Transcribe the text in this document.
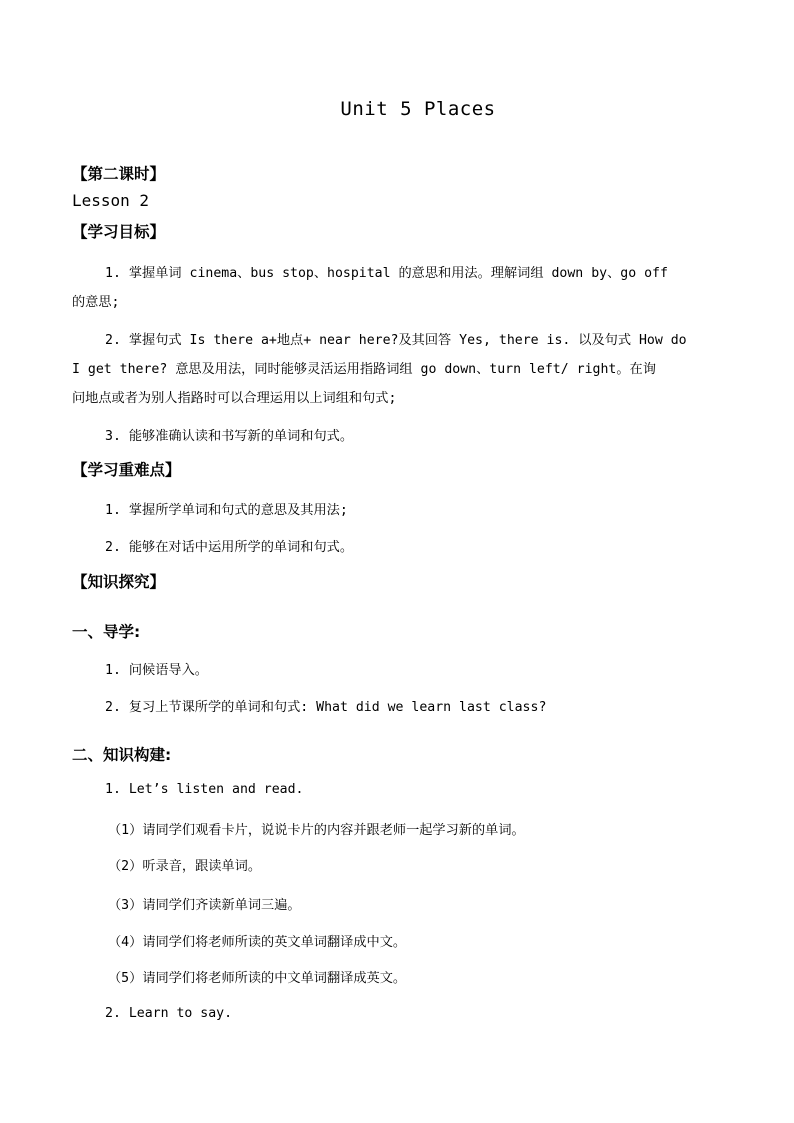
Unit 5 Places
【第二课时】
Lesson 2
【学习目标】
1. 掌握单词 cinema、bus stop、hospital 的意思和用法。理解词组 down by、go off
的意思;
2. 掌握句式 Is there a+地点+ near here?及其回答 Yes, there is. 以及句式 How do
I get there? 意思及用法，同时能够灵活运用指路词组 go down、turn left/ right。在询
问地点或者为别人指路时可以合理运用以上词组和句式;
3. 能够准确认读和书写新的单词和句式。
【学习重难点】
1. 掌握所学单词和句式的意思及其用法;
2. 能够在对话中运用所学的单词和句式。
【知识探究】
一、导学:
1. 问候语导入。
2. 复习上节课所学的单词和句式: What did we learn last class?
二、知识构建:
1. Let’s listen and read.
（1）请同学们观看卡片，说说卡片的内容并跟老师一起学习新的单词。
（2）听录音，跟读单词。
（3）请同学们齐读新单词三遍。
（4）请同学们将老师所读的英文单词翻译成中文。
（5）请同学们将老师所读的中文单词翻译成英文。
2. Learn to say.
